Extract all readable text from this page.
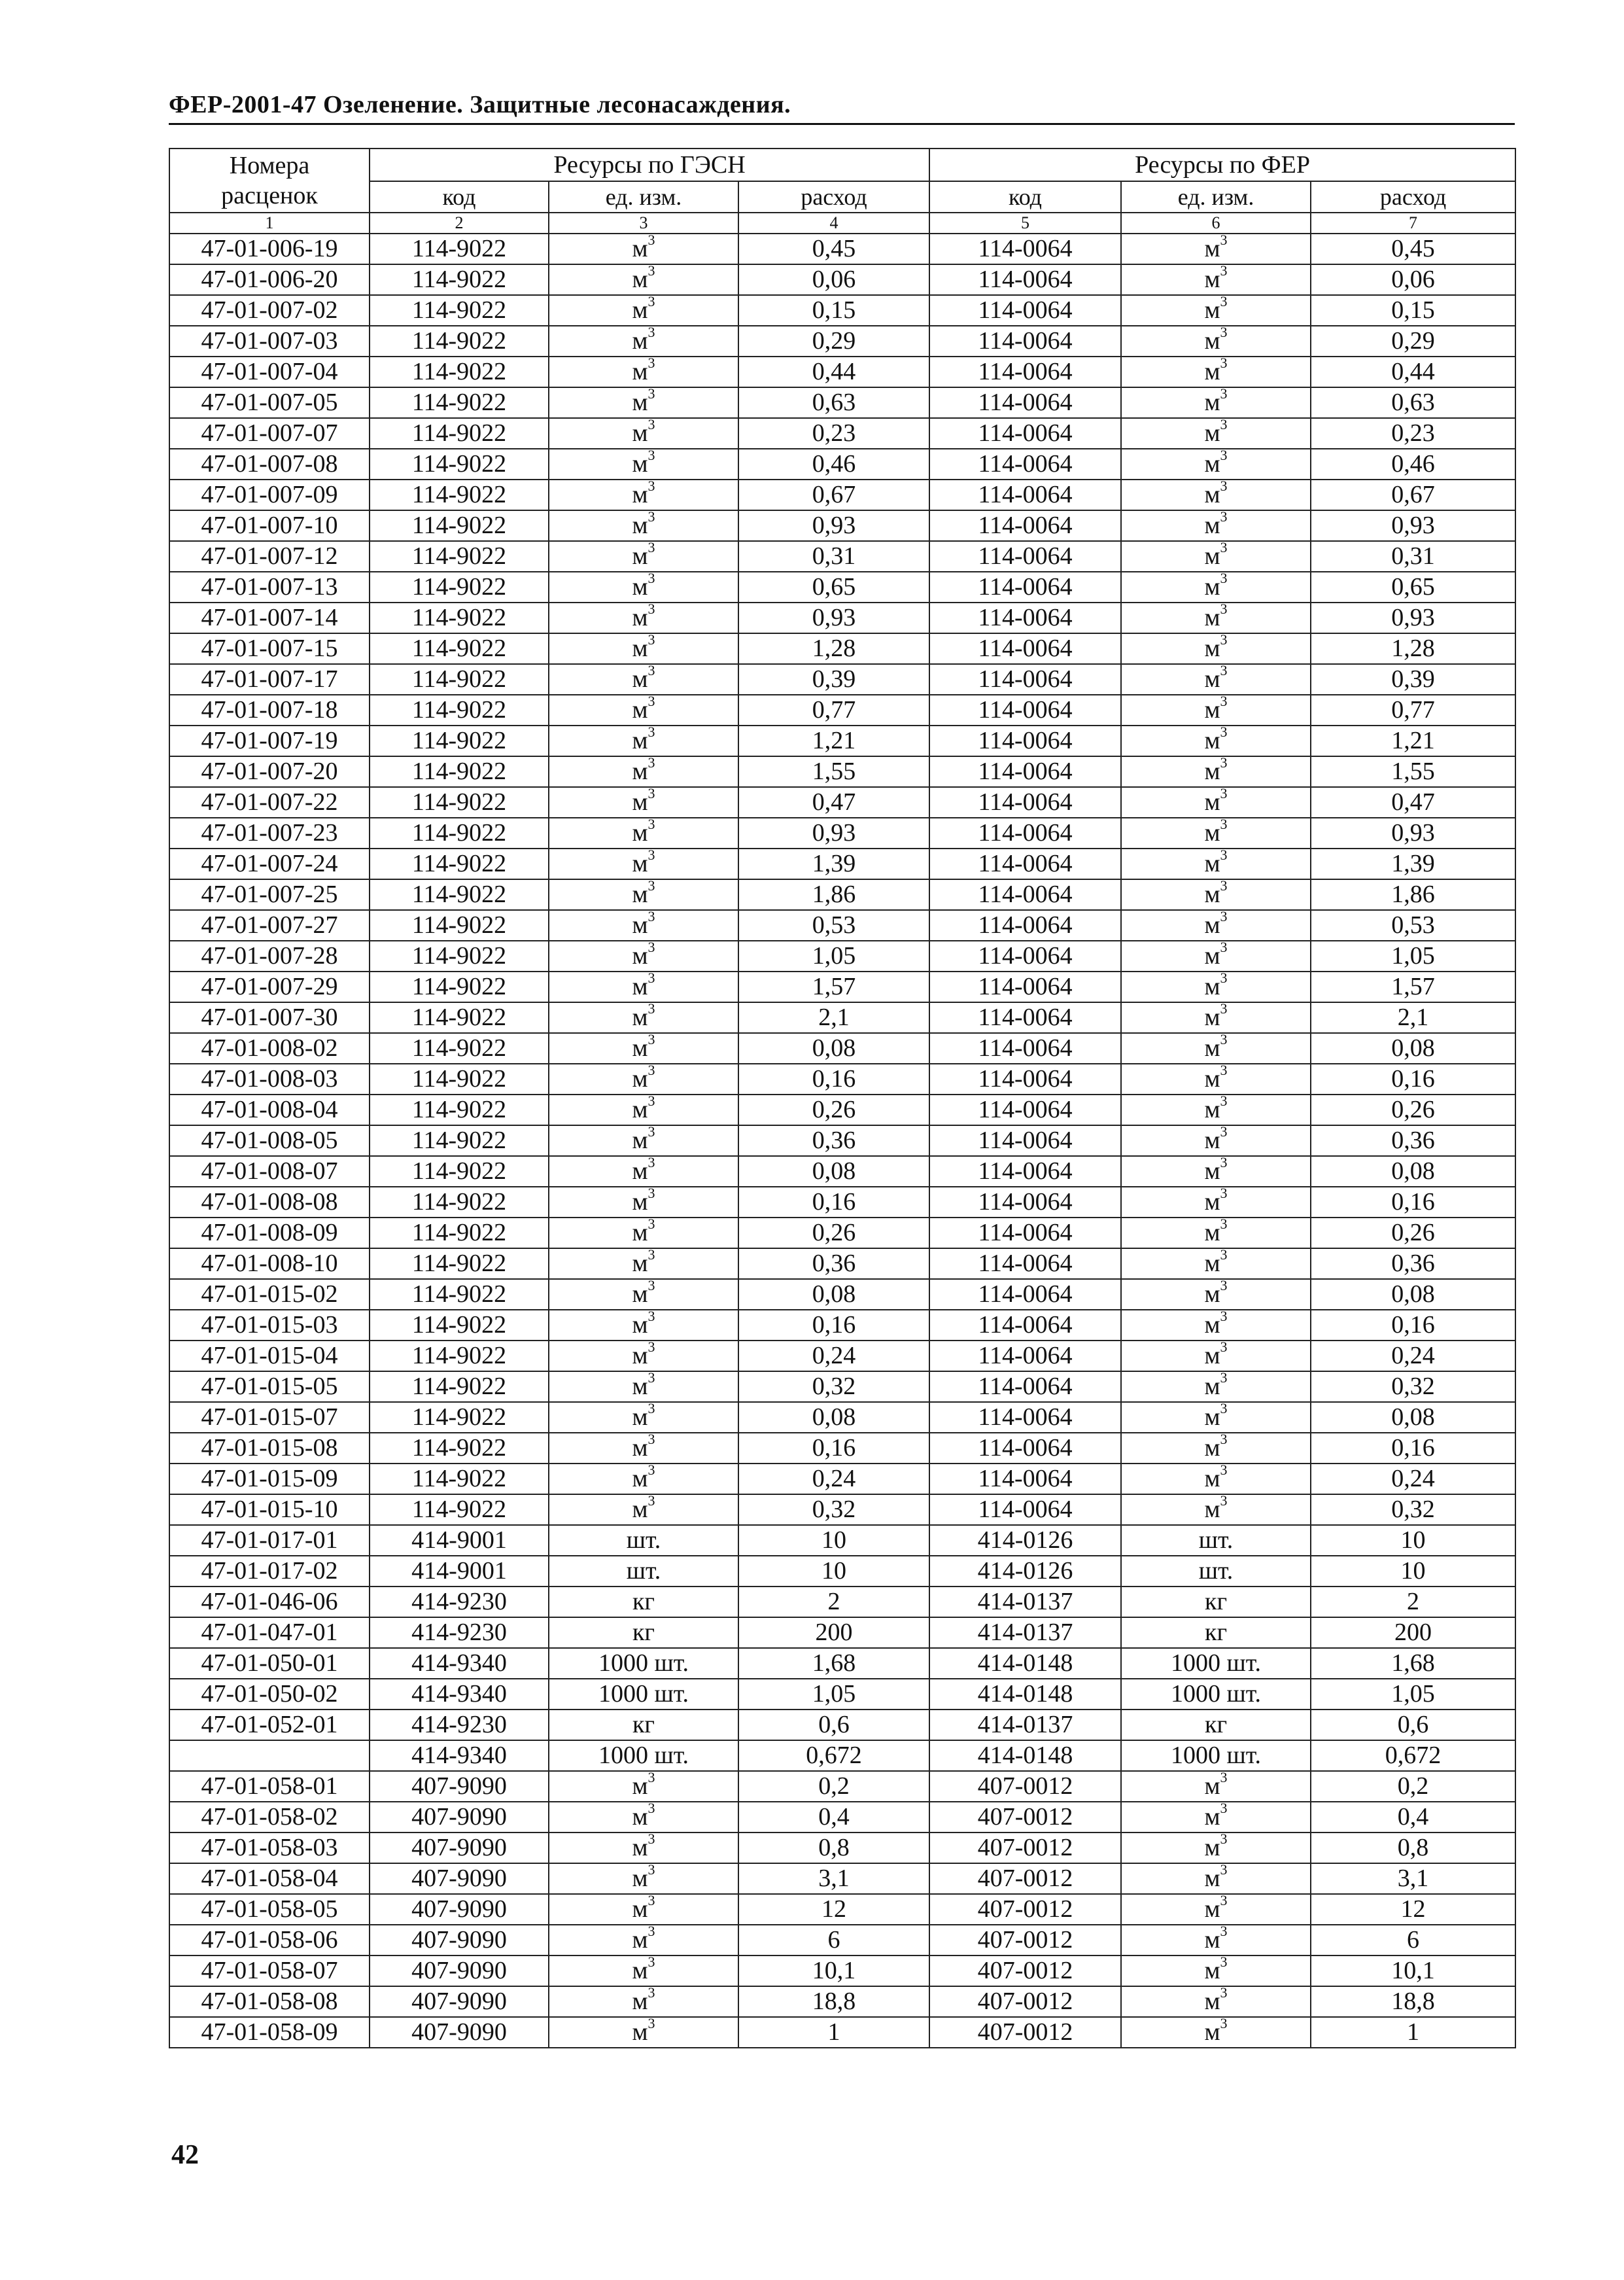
ФЕР-2001-47 Озеленение. Защитные лесонасаждения.
Номера расценок	Ресурсы по ГЭСН			Ресурсы по ФЕР		
	код	ед. изм.	расход	код	ед. изм.	расход
1	2	3	4	5	6	7
47-01-006-19	114-9022	$м^3$	0,45	114-0064	$м^3$	0,45
47-01-006-20	114-9022	$м^3$	0,06	114-0064	$м^3$	0,06
47-01-007-02	114-9022	$м^3$	0,15	114-0064	$м^3$	0,15
47-01-007-03	114-9022	$м^3$	0,29	114-0064	$м^3$	0,29
47-01-007-04	114-9022	$м^3$	0,44	114-0064	$м^3$	0,44
47-01-007-05	114-9022	$м^3$	0,63	114-0064	$м^3$	0,63
47-01-007-07	114-9022	$м^3$	0,23	114-0064	$м^3$	0,23
47-01-007-08	114-9022	$м^3$	0,46	114-0064	$м^3$	0,46
47-01-007-09	114-9022	$м^3$	0,67	114-0064	$м^3$	0,67
47-01-007-10	114-9022	$м^3$	0,93	114-0064	$м^3$	0,93
47-01-007-12	114-9022	$м^3$	0,31	114-0064	$м^3$	0,31
47-01-007-13	114-9022	$м^3$	0,65	114-0064	$м^3$	0,65
47-01-007-14	114-9022	$м^3$	0,93	114-0064	$м^3$	0,93
47-01-007-15	114-9022	$м^3$	1,28	114-0064	$м^3$	1,28
47-01-007-17	114-9022	$м^3$	0,39	114-0064	$м^3$	0,39
47-01-007-18	114-9022	$м^3$	0,77	114-0064	$м^3$	0,77
47-01-007-19	114-9022	$м^3$	1,21	114-0064	$м^3$	1,21
47-01-007-20	114-9022	$м^3$	1,55	114-0064	$м^3$	1,55
47-01-007-22	114-9022	$м^3$	0,47	114-0064	$м^3$	0,47
47-01-007-23	114-9022	$м^3$	0,93	114-0064	$м^3$	0,93
47-01-007-24	114-9022	$м^3$	1,39	114-0064	$м^3$	1,39
47-01-007-25	114-9022	$м^3$	1,86	114-0064	$м^3$	1,86
47-01-007-27	114-9022	$м^3$	0,53	114-0064	$м^3$	0,53
47-01-007-28	114-9022	$м^3$	1,05	114-0064	$м^3$	1,05
47-01-007-29	114-9022	$м^3$	1,57	114-0064	$м^3$	1,57
47-01-007-30	114-9022	$м^3$	2,1	114-0064	$м^3$	2,1
47-01-008-02	114-9022	$м^3$	0,08	114-0064	$м^3$	0,08
47-01-008-03	114-9022	$м^3$	0,16	114-0064	$м^3$	0,16
47-01-008-04	114-9022	$м^3$	0,26	114-0064	$м^3$	0,26
47-01-008-05	114-9022	$м^3$	0,36	114-0064	$м^3$	0,36
47-01-008-07	114-9022	$м^3$	0,08	114-0064	$м^3$	0,08
47-01-008-08	114-9022	$м^3$	0,16	114-0064	$м^3$	0,16
47-01-008-09	114-9022	$м^3$	0,26	114-0064	$м^3$	0,26
47-01-008-10	114-9022	$м^3$	0,36	114-0064	$м^3$	0,36
47-01-015-02	114-9022	$м^3$	0,08	114-0064	$м^3$	0,08
47-01-015-03	114-9022	$м^3$	0,16	114-0064	$м^3$	0,16
47-01-015-04	114-9022	$м^3$	0,24	114-0064	$м^3$	0,24
47-01-015-05	114-9022	$м^3$	0,32	114-0064	$м^3$	0,32
47-01-015-07	114-9022	$м^3$	0,08	114-0064	$м^3$	0,08
47-01-015-08	114-9022	$м^3$	0,16	114-0064	$м^3$	0,16
47-01-015-09	114-9022	$м^3$	0,24	114-0064	$м^3$	0,24
47-01-015-10	114-9022	$м^3$	0,32	114-0064	$м^3$	0,32
47-01-017-01	414-9001	шт.	10	414-0126	шт.	10
47-01-017-02	414-9001	шт.	10	414-0126	шт.	10
47-01-046-06	414-9230	кг	2	414-0137	кг	2
47-01-047-01	414-9230	кг	200	414-0137	кг	200
47-01-050-01	414-9340	1000 шт.	1,68	414-0148	1000 шт.	1,68
47-01-050-02	414-9340	1000 шт.	1,05	414-0148	1000 шт.	1,05
47-01-052-01	414-9230	кг	0,6	414-0137	кг	0,6
	414-9340	1000 шт.	0,672	414-0148	1000 шт.	0,672
47-01-058-01	407-9090	$м^3$	0,2	407-0012	$м^3$	0,2
47-01-058-02	407-9090	$м^3$	0,4	407-0012	$м^3$	0,4
47-01-058-03	407-9090	$м^3$	0,8	407-0012	$м^3$	0,8
47-01-058-04	407-9090	$м^3$	3,1	407-0012	$м^3$	3,1
47-01-058-05	407-9090	$м^3$	12	407-0012	$м^3$	12
47-01-058-06	407-9090	$м^3$	6	407-0012	$м^3$	6
47-01-058-07	407-9090	$м^3$	10,1	407-0012	$м^3$	10,1
47-01-058-08	407-9090	$м^3$	18,8	407-0012	$м^3$	18,8
47-01-058-09	407-9090	$м^3$	1	407-0012	$м^3$	1
42
